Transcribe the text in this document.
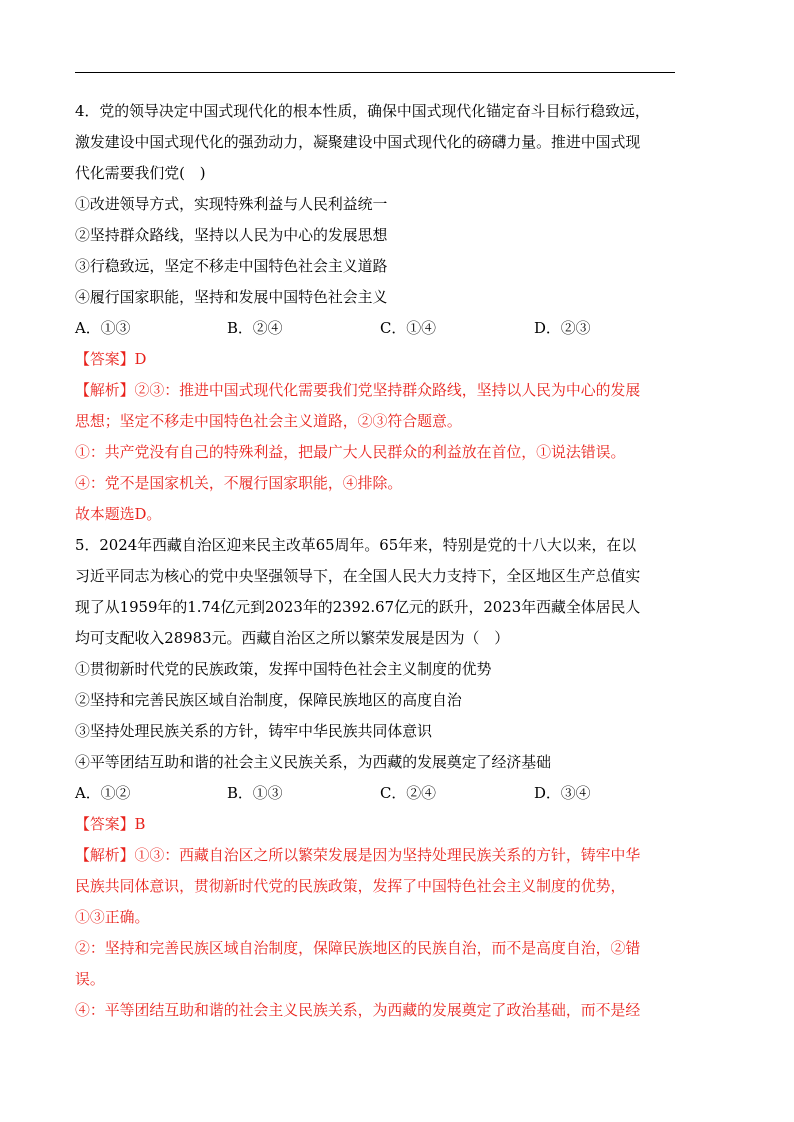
4．党的领导决定中国式现代化的根本性质，确保中国式现代化锚定奋斗目标行稳致远，
激发建设中国式现代化的强劲动力，凝聚建设中国式现代化的磅礴力量。推进中国式现
代化需要我们党(　)
①改进领导方式，实现特殊利益与人民利益统一
②坚持群众路线，坚持以人民为中心的发展思想
③行稳致远，坚定不移走中国特色社会主义道路
④履行国家职能，坚持和发展中国特色社会主义
A．①③	B．②④	C．①④	D．②③
【答案】D
【解析】②③：推进中国式现代化需要我们党坚持群众路线，坚持以人民为中心的发展
思想；坚定不移走中国特色社会主义道路，②③符合题意。
①：共产党没有自己的特殊利益，把最广大人民群众的利益放在首位，①说法错误。
④：党不是国家机关，不履行国家职能，④排除。
故本题选D。
5．2024年西藏自治区迎来民主改革65周年。65年来，特别是党的十八大以来，在以
习近平同志为核心的党中央坚强领导下，在全国人民大力支持下，全区地区生产总值实
现了从1959年的1.74亿元到2023年的2392.67亿元的跃升，2023年西藏全体居民人
均可支配收入28983元。西藏自治区之所以繁荣发展是因为（　）
①贯彻新时代党的民族政策，发挥中国特色社会主义制度的优势
②坚持和完善民族区域自治制度，保障民族地区的高度自治
③坚持处理民族关系的方针，铸牢中华民族共同体意识
④平等团结互助和谐的社会主义民族关系，为西藏的发展奠定了经济基础
A．①②	B．①③	C．②④	D．③④
【答案】B
【解析】①③：西藏自治区之所以繁荣发展是因为坚持处理民族关系的方针，铸牢中华
民族共同体意识，贯彻新时代党的民族政策，发挥了中国特色社会主义制度的优势，
①③正确。
②：坚持和完善民族区域自治制度，保障民族地区的民族自治，而不是高度自治，②错
误。
④：平等团结互助和谐的社会主义民族关系，为西藏的发展奠定了政治基础，而不是经
